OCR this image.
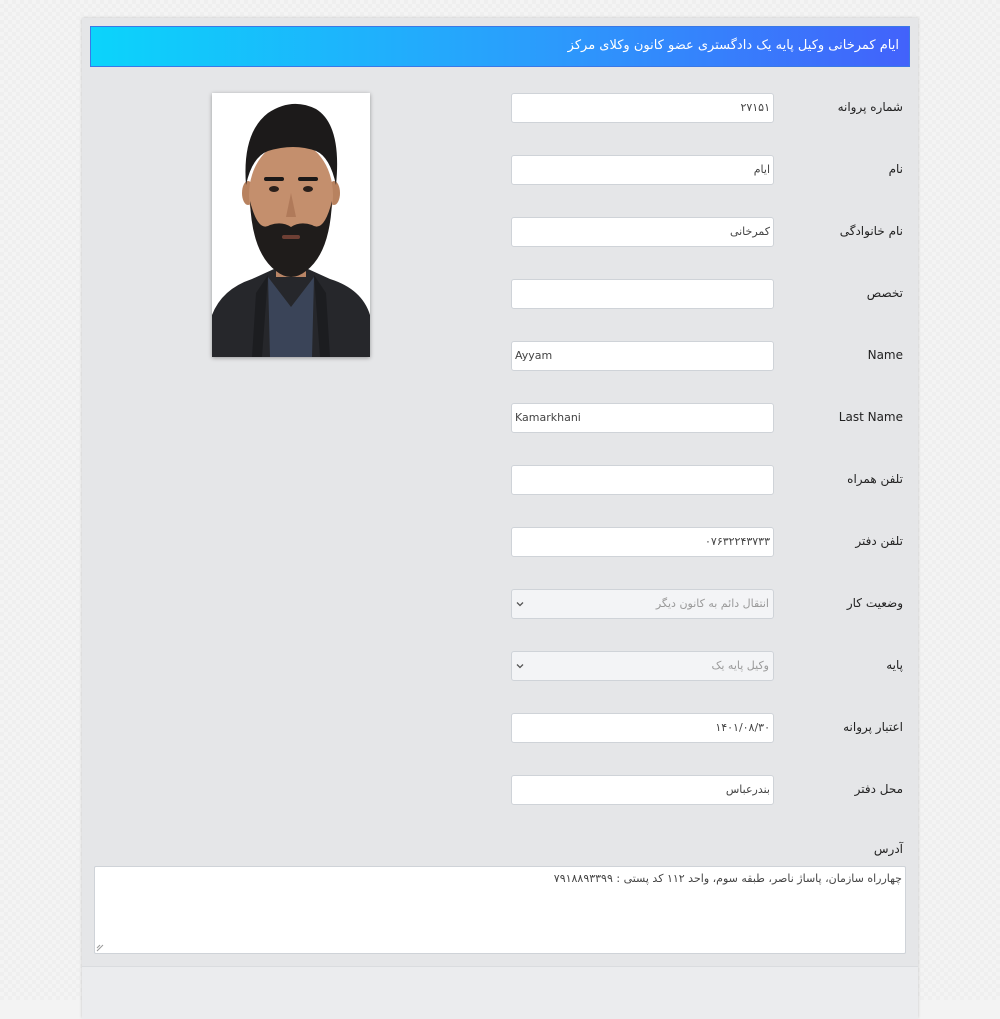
ایام کمرخانی وکیل پایه یک دادگستری عضو کانون وکلای مرکز
شماره پروانه
۲۷۱۵۱
نام
ایام
نام خانوادگی
کمرخانی
تخصص
Name
Ayyam
Last Name
Kamarkhani
تلفن همراه
تلفن دفتر
۰۷۶۳۲۲۴۳۷۳۳
وضعیت کار
انتقال دائم به کانون دیگر
پایه
وکیل پایه یک
اعتبار پروانه
۱۴۰۱/۰۸/۳۰
محل دفتر
بندرعباس
آدرس
چهارراه سازمان، پاساژ ناصر، طبقه سوم، واحد ۱۱۲ کد پستی : ۷۹۱۸۸۹۳۳۹۹
